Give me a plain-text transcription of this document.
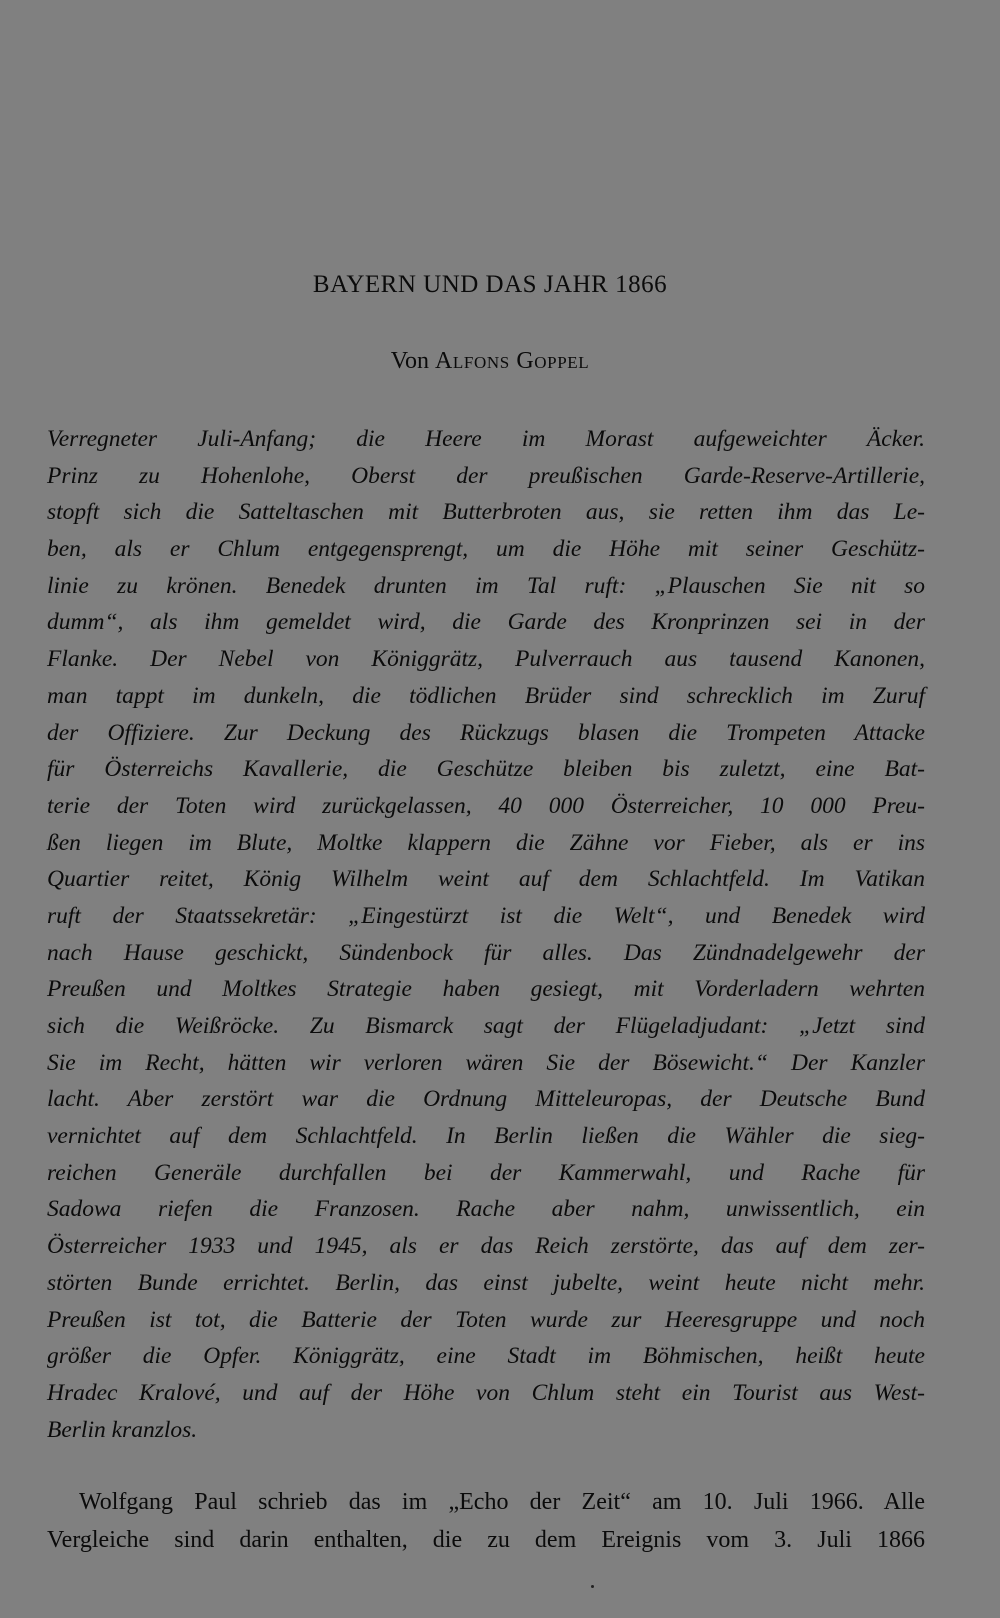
BAYERN UND DAS JAHR 1866
Von Alfons Goppel
Verregneter Juli-Anfang; die Heere im Morast aufgeweichter Äcker.
Prinz zu Hohenlohe, Oberst der preußischen Garde-Reserve-Artillerie,
stopft sich die Satteltaschen mit Butterbroten aus, sie retten ihm das Le-
ben, als er Chlum entgegensprengt, um die Höhe mit seiner Geschütz-
linie zu krönen. Benedek drunten im Tal ruft: „Plauschen Sie nit so
dumm“, als ihm gemeldet wird, die Garde des Kronprinzen sei in der
Flanke. Der Nebel von Königgrätz, Pulverrauch aus tausend Kanonen,
man tappt im dunkeln, die tödlichen Brüder sind schrecklich im Zuruf
der Offiziere. Zur Deckung des Rückzugs blasen die Trompeten Attacke
für Österreichs Kavallerie, die Geschütze bleiben bis zuletzt, eine Bat-
terie der Toten wird zurückgelassen, 40 000 Österreicher, 10 000 Preu-
ßen liegen im Blute, Moltke klappern die Zähne vor Fieber, als er ins
Quartier reitet, König Wilhelm weint auf dem Schlachtfeld. Im Vatikan
ruft der Staatssekretär: „Eingestürzt ist die Welt“, und Benedek wird
nach Hause geschickt, Sündenbock für alles. Das Zündnadelgewehr der
Preußen und Moltkes Strategie haben gesiegt, mit Vorderladern wehrten
sich die Weißröcke. Zu Bismarck sagt der Flügeladjudant: „Jetzt sind
Sie im Recht, hätten wir verloren wären Sie der Bösewicht.“ Der Kanzler
lacht. Aber zerstört war die Ordnung Mitteleuropas, der Deutsche Bund
vernichtet auf dem Schlachtfeld. In Berlin ließen die Wähler die sieg-
reichen Generäle durchfallen bei der Kammerwahl, und Rache für
Sadowa riefen die Franzosen. Rache aber nahm, unwissentlich, ein
Österreicher 1933 und 1945, als er das Reich zerstörte, das auf dem zer-
störten Bunde errichtet. Berlin, das einst jubelte, weint heute nicht mehr.
Preußen ist tot, die Batterie der Toten wurde zur Heeresgruppe und noch
größer die Opfer. Königgrätz, eine Stadt im Böhmischen, heißt heute
Hradec Kralové, und auf der Höhe von Chlum steht ein Tourist aus West-
Berlin kranzlos.
Wolfgang Paul schrieb das im „Echo der Zeit“ am 10. Juli 1966. Alle
Vergleiche sind darin enthalten, die zu dem Ereignis vom 3. Juli 1866
